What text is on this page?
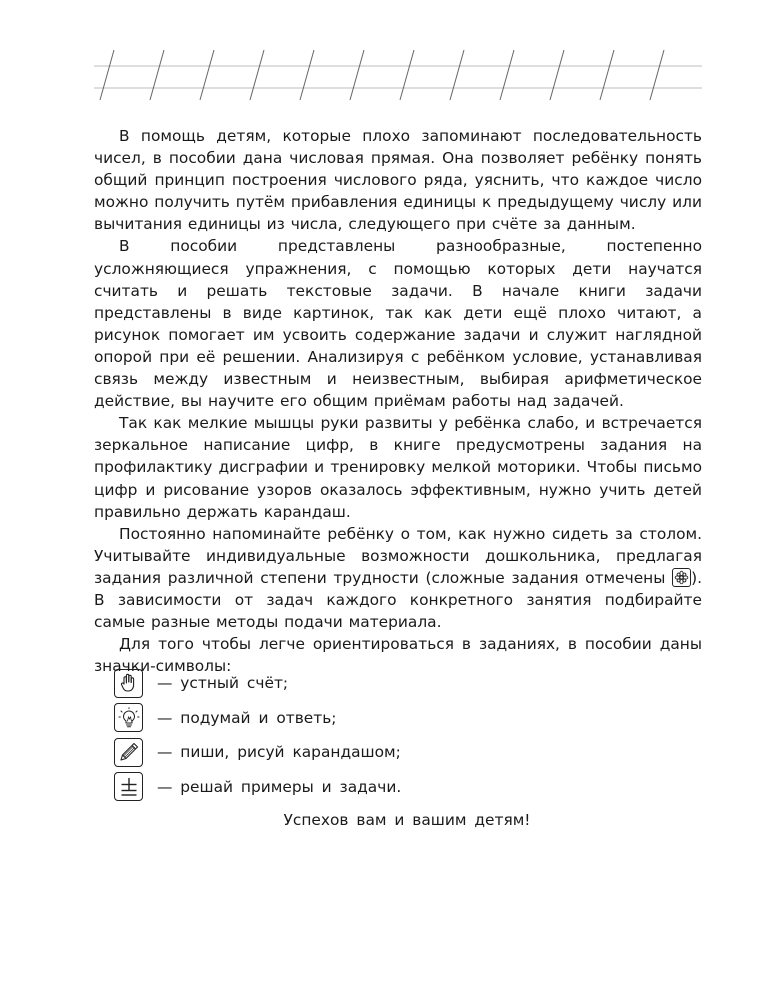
В помощь детям, которые плохо запоминают последовательность чисел, в пособии дана числовая прямая. Она позволяет ребёнку понять общий принцип построения числового ряда, уяснить, что каждое число можно получить путём прибавления единицы к предыдущему числу или вычитания единицы из числа, следующего при счёте за данным.

В пособии представлены разнообразные, постепенно усложняющиеся упражнения, с помощью которых дети научатся считать и решать текстовые задачи. В начале книги задачи представлены в виде картинок, так как дети ещё плохо читают, а рисунок помогает им усвоить содержание задачи и служит наглядной опорой при её решении. Анализируя с ребёнком условие, устанавливая связь между известным и неизвестным, выбирая арифметическое действие, вы научите его общим приёмам работы над задачей.

Так как мелкие мышцы руки развиты у ребёнка слабо, и встречается зеркальное написание цифр, в книге предусмотрены задания на профилактику дисграфии и тренировку мелкой моторики. Чтобы письмо цифр и рисование узоров оказалось эффективным, нужно учить детей правильно держать карандаш.

Постоянно напоминайте ребёнку о том, как нужно сидеть за столом. Учитывайте индивидуальные возможности дошкольника, предлагая задания различной степени трудности (сложные задания отмечены
). В зависимости от задач каждого конкретного занятия подбирайте самые разные методы подачи материала.

Для того чтобы легче ориентироваться в заданиях, в пособии даны значки-символы:

— устный счёт;
— подумай и ответь;
— пиши, рисуй карандашом;
— решай примеры и задачи.
Успехов вам и вашим детям!
